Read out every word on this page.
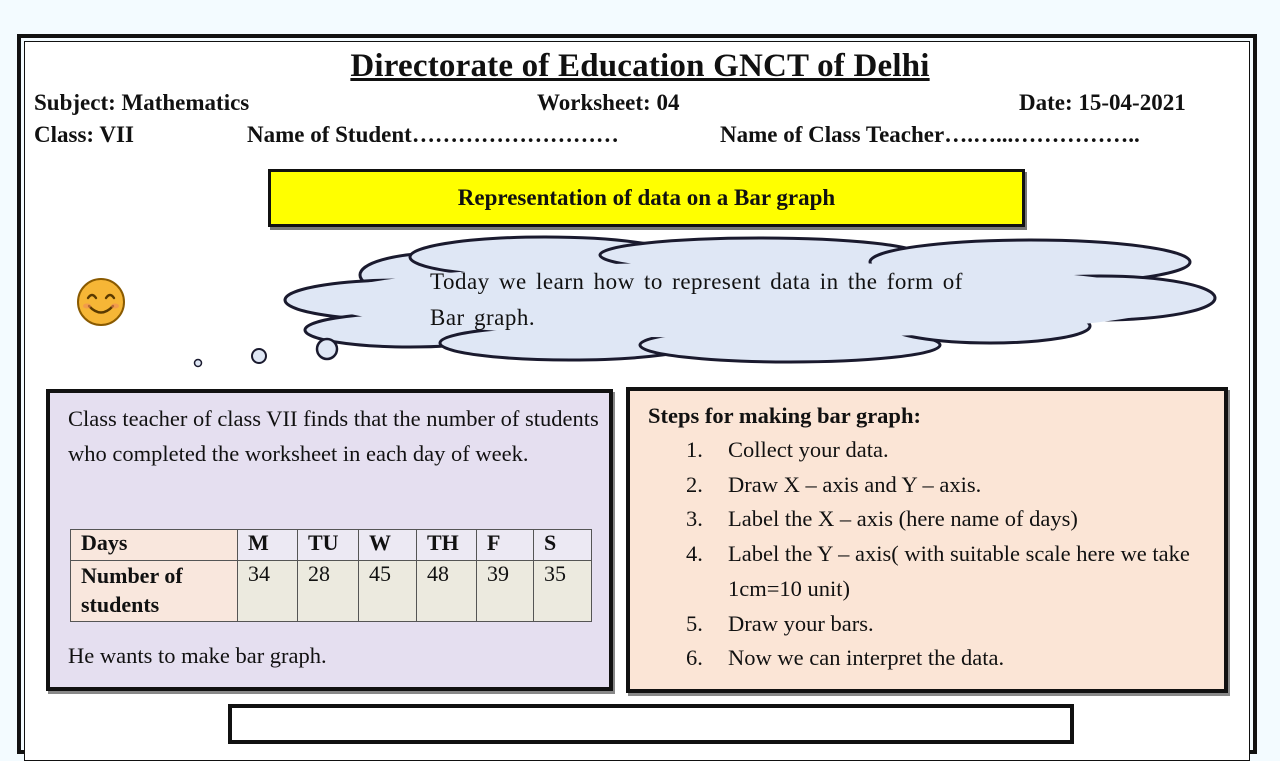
Directorate of Education GNCT of Delhi
Subject: Mathematics	Worksheet: 04	Date: 15-04-2021
Class: VII	Name of Student………………………	Name of Class Teacher….…...……………..
Representation of data on a Bar graph
Today we learn how to represent data in the form of
Bar graph.

Class teacher of class VII finds that the number of students who completed the worksheet in each day of week.

Days	M	TU	W	TH	F	S
Number of students	34	28	45	48	39	35

He wants to make bar graph.

Steps for making bar graph:
1. Collect your data.
2. Draw X – axis and Y – axis.
3. Label the X – axis (here name of days)
4. Label the Y – axis( with suitable scale here we take 1cm=10 unit)
5. Draw your bars.
6. Now we can interpret the data.
